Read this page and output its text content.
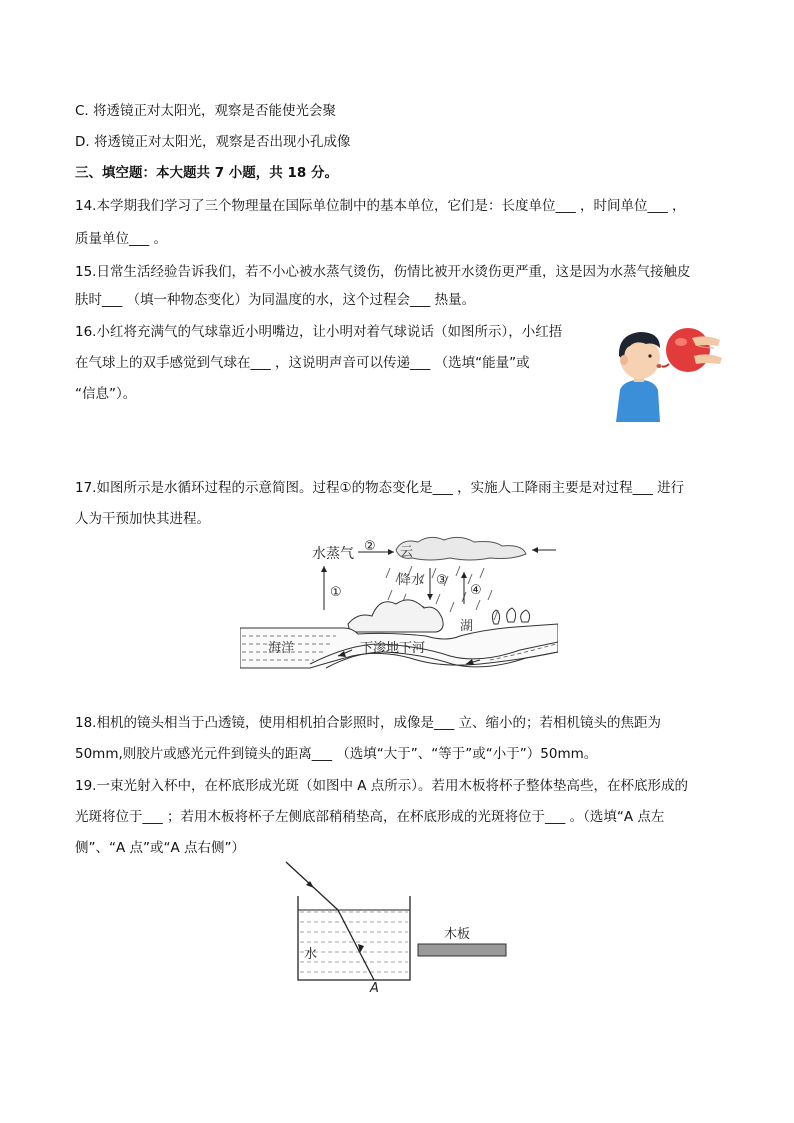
C. 将透镜正对太阳光，观察是否能使光会聚
D. 将透镜正对太阳光，观察是否出现小孔成像
三、填空题：本大题共 7 小题，共 18 分。
14.本学期我们学习了三个物理量在国际单位制中的基本单位，它们是：长度单位___ ，时间单位___ ，
质量单位___ 。
15.日常生活经验告诉我们，若不小心被水蒸气烫伤，伤情比被开水烫伤更严重，这是因为水蒸气接触皮
肤时___ （填一种物态变化）为同温度的水，这个过程会___ 热量。
16.小红将充满气的气球靠近小明嘴边，让小明对着气球说话（如图所示），小红捂
在气球上的双手感觉到气球在___ ，这说明声音可以传递___ （选填“能量”或
“信息”）。
17.如图所示是水循环过程的示意简图。过程①的物态变化是___ ，实施人工降雨主要是对过程___ 进行
人为干预加快其进程。
云
水蒸气 ②
①
降水 ③
④
湖
海洋	下渗地下河
18.相机的镜头相当于凸透镜，使用相机拍合影照时，成像是___ 立、缩小的；若相机镜头的焦距为
50mm,则胶片或感光元件到镜头的距离___ （选填“大于”、“等于”或“小于”）50mm。
19.一束光射入杯中，在杯底形成光斑（如图中 A 点所示）。若用木板将杯子整体垫高些，在杯底形成的
光斑将位于___ ；若用木板将杯子左侧底部稍稍垫高，在杯底形成的光斑将位于___ 。（选填“A 点左
侧”、“A 点”或“A 点右侧”）
水
A
木板
